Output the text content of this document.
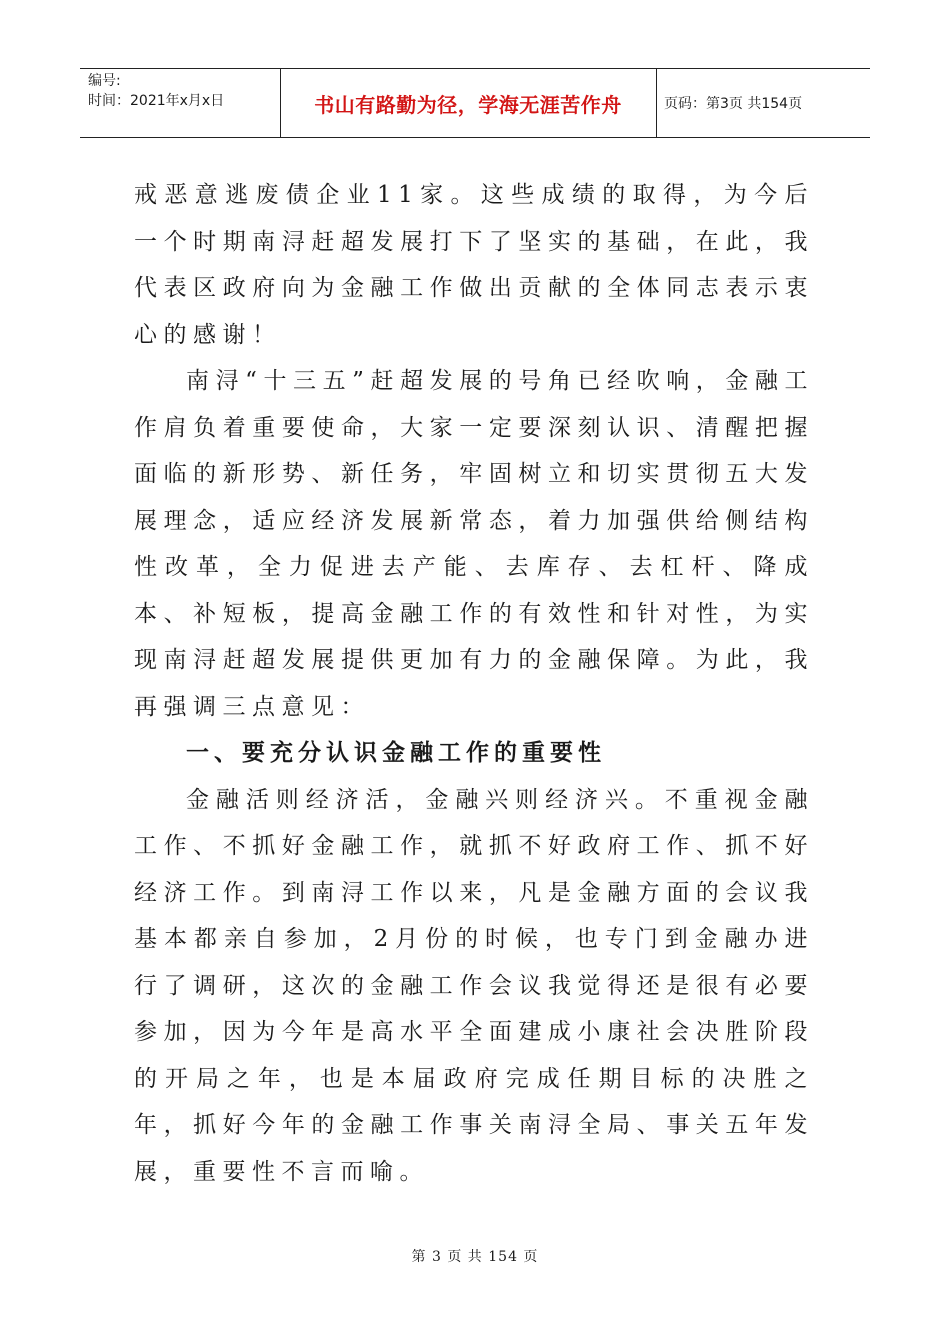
编号:
时间：2021年x月x日	书山有路勤为径，学海无涯苦作舟	页码：第3页 共154页

戒恶意逃废债企业11家。这些成绩的取得，为今后一个时期南浔赶超发展打下了坚实的基础，在此，我代表区政府向为金融工作做出贡献的全体同志表示衷心的感谢！

南浔“十三五”赶超发展的号角已经吹响，金融工作肩负着重要使命，大家一定要深刻认识、清醒把握面临的新形势、新任务，牢固树立和切实贯彻五大发展理念，适应经济发展新常态，着力加强供给侧结构性改革，全力促进去产能、去库存、去杠杆、降成本、补短板，提高金融工作的有效性和针对性，为实现南浔赶超发展提供更加有力的金融保障。为此，我再强调三点意见：

一、要充分认识金融工作的重要性

金融活则经济活，金融兴则经济兴。不重视金融工作、不抓好金融工作，就抓不好政府工作、抓不好经济工作。到南浔工作以来，凡是金融方面的会议我基本都亲自参加，2月份的时候，也专门到金融办进行了调研，这次的金融工作会议我觉得还是很有必要参加，因为今年是高水平全面建成小康社会决胜阶段的开局之年，也是本届政府完成任期目标的决胜之年，抓好今年的金融工作事关南浔全局、事关五年发展，重要性不言而喻。

第 3 页 共 154 页
